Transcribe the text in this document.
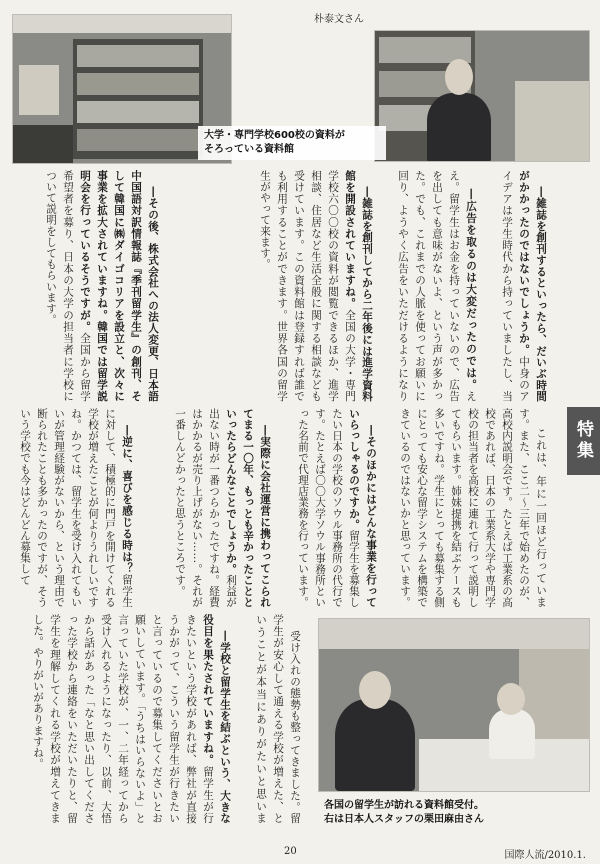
朴泰文さん
大学・専門学校600校の資料が
そろっている資料館

―雑誌を創刊するといったら、だいぶ時間がかかったのではないでしょうか。中身のアイデアは学生時代から持っていましたし、当

―広告を取るのは大変だったのでは。ええ。留学生はお金を持っていないので、広告を出しても意味がないよ、という声が多かった。でも、これまでの人脈を使ってお願いに回り、ようやく広告をいただけるようになり

―雑誌を創刊してから二年後には進学資料館を開設されていますね。全国の大学・専門学校六〇〇校の資料が閲覧できるほか、進学相談、住居など生活全般に関する相談なども受けています。この資料館は登録すれば誰でも利用することができます。世界各国の留学生がやって来ます。

―その後、株式会社への法人変更、日本語中国語対訳情報誌『季刊留学生』の創刊、そして韓国に㈱ダイゴコリアを設立と、次々に事業を拡大されていますね。韓国では留学説明会を行っているそうですが。全国から留学希望者を募り、日本の大学の担当者に学校について説明をしてもらいます。

これは、年に一回ほど行っています。また、ここ二～三年で始めたのが、高校内説明会です。たとえば工業系の高校であれば、日本の工業系大学や専門学校の担当者を高校に連れて行って説明してもらいます。姉妹提携を結ぶケースも多いですね。学生にとっても募集する側にとっても安心な留学システムを構築できているのではないかと思っています。

―そのほかにはどんな事業を行っていらっしゃるのですか。留学生を募集したい日本の学校のソウル事務所の代行です。たとえば〇〇大学ソウル事務所といった名前で代理店業務を行っています。

―実際に会社運営に携わってこられてまる一〇年、もっとも辛かったことといったらどんなことでしょうか。利益が出ない時が一番つらかったですね。経費はかかるが売り上げがない……。それが一番しんどかったと思うところです。

―逆に、喜びを感じる時は？留学生に対して、積極的に門戸を開けてくれる学校が増えたことが何よりうれしいですね。かつては、留学生を受け入れてもいいが管理経験がないから、という理由で断られたことも多かったのですが、そういう学校でも今はどんどん募集して

受け入れの態勢も整ってきました。留学生が安心して通える学校が増えた、ということが本当にありがたいと思いま

―学校と留学生を結ぶという、大きな役目を果たされていますね。留学生が行きたいという学校があれば、弊社が直接うかがって、こういう留学生が行きたいと言っているので募集してくださいとお願いしています。「うちはいらないよ」と言っていた学校が、一、二年経ってから受け入れるようになったり、以前、大悟から話があった「なと思い出してくださった学校から連絡をいただいたりと、留学生を理解してくれる学校が増えてきました。やりがいがありますね。

各国の留学生が訪れる資料館受付。
右は日本人スタッフの栗田麻由さん
特集
20	国際人流/2010.1.
